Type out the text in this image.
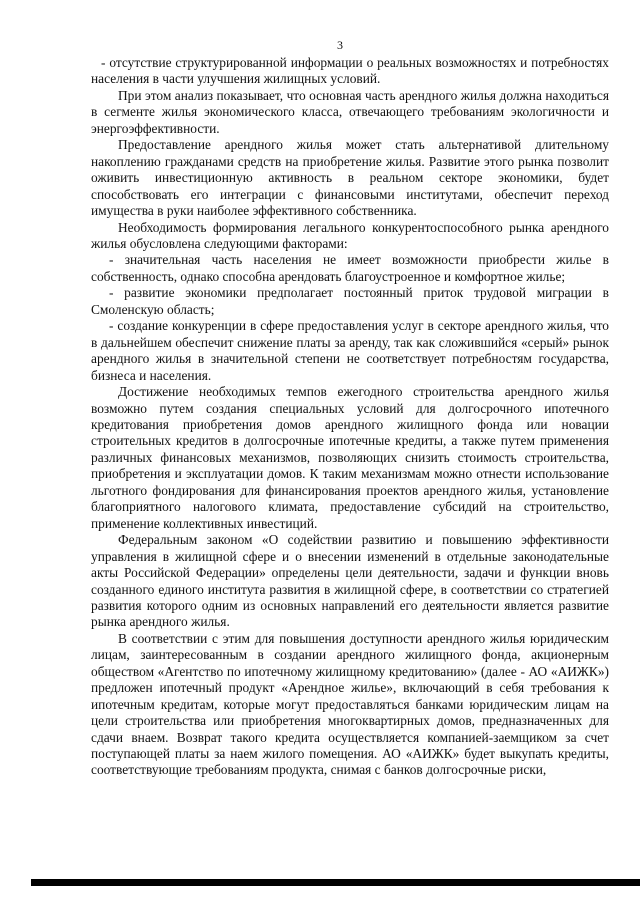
3

- отсутствие структурированной информации о реальных возможностях и потребностях населения в части улучшения жилищных условий.

При этом анализ показывает, что основная часть арендного жилья должна находиться в сегменте жилья экономического класса, отвечающего требованиям экологичности и энергоэффективности.

Предоставление арендного жилья может стать альтернативой длительному накоплению гражданами средств на приобретение жилья. Развитие этого рынка позволит оживить инвестиционную активность в реальном секторе экономики, будет способствовать его интеграции с финансовыми институтами, обеспечит переход имущества в руки наиболее эффективного собственника.

Необходимость формирования легального конкурентоспособного рынка арендного жилья обусловлена следующими факторами:

- значительная часть населения не имеет возможности приобрести жилье в собственность, однако способна арендовать благоустроенное и комфортное жилье;

- развитие экономики предполагает постоянный приток трудовой миграции в Смоленскую область;

- создание конкуренции в сфере предоставления услуг в секторе арендного жилья, что в дальнейшем обеспечит снижение платы за аренду, так как сложившийся «серый» рынок арендного жилья в значительной степени не соответствует потребностям государства, бизнеса и населения.

Достижение необходимых темпов ежегодного строительства арендного жилья возможно путем создания специальных условий для долгосрочного ипотечного кредитования приобретения домов арендного жилищного фонда или новации строительных кредитов в долгосрочные ипотечные кредиты, а также путем применения различных финансовых механизмов, позволяющих снизить стоимость строительства, приобретения и эксплуатации домов. К таким механизмам можно отнести использование льготного фондирования для финансирования проектов арендного жилья, установление благоприятного налогового климата, предоставление субсидий на строительство, применение коллективных инвестиций.

Федеральным законом «О содействии развитию и повышению эффективности управления в жилищной сфере и о внесении изменений в отдельные законодательные акты Российской Федерации» определены цели деятельности, задачи и функции вновь созданного единого института развития в жилищной сфере, в соответствии со стратегией развития которого одним из основных направлений его деятельности является развитие рынка арендного жилья.

В соответствии с этим для повышения доступности арендного жилья юридическим лицам, заинтересованным в создании арендного жилищного фонда, акционерным обществом «Агентство по ипотечному жилищному кредитованию» (далее - АО «АИЖК») предложен ипотечный продукт «Арендное жилье», включающий в себя требования к ипотечным кредитам, которые могут предоставляться банками юридическим лицам на цели строительства или приобретения многоквартирных домов, предназначенных для сдачи внаем. Возврат такого кредита осуществляется компанией-заемщиком за счет поступающей платы за наем жилого помещения. АО «АИЖК» будет выкупать кредиты, соответствующие требованиям продукта, снимая с банков долгосрочные риски,
